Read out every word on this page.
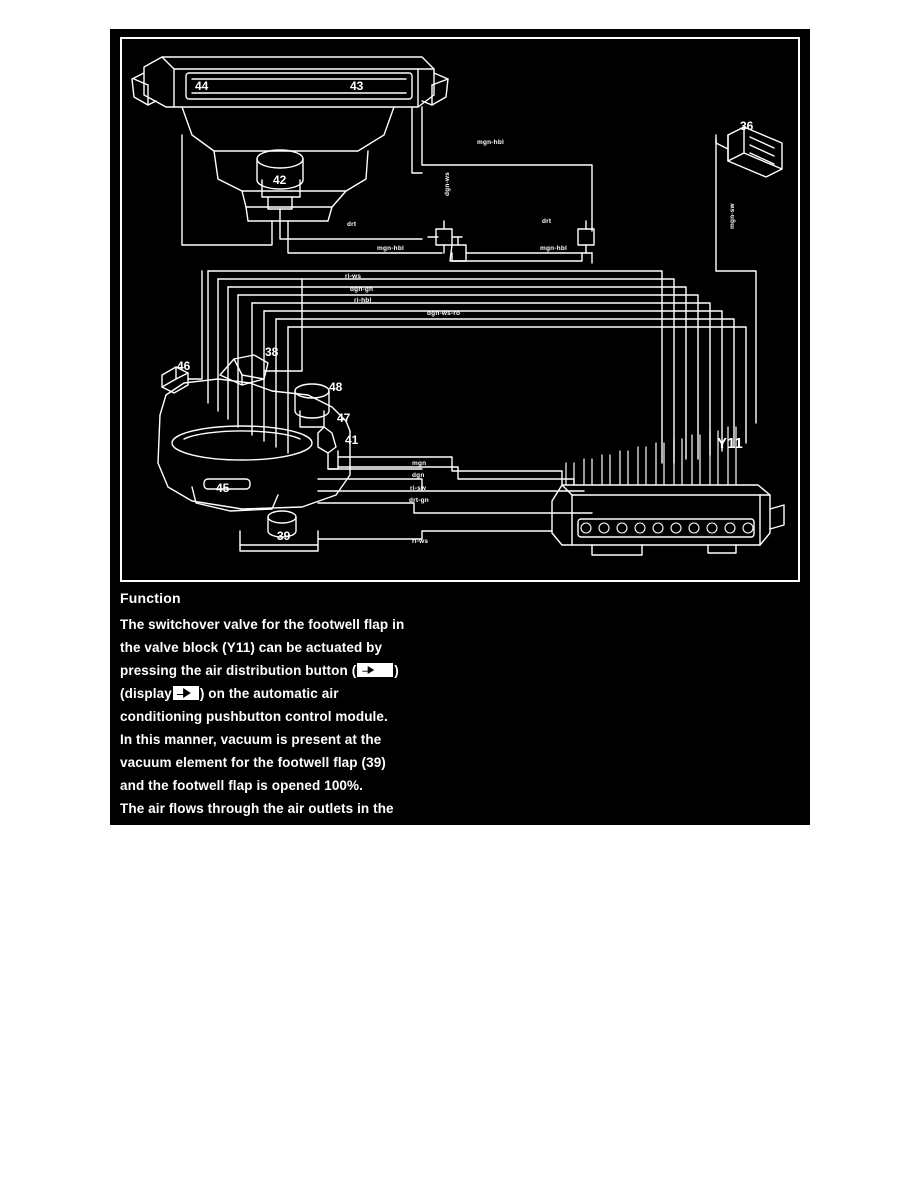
44	43
42
36
38
46
48
47
41
45
39
Y11
mgn-hbl
mgn-hbl	mgn-hbl
drt	drt
ri-ws
dgn-gn
ri-hbl
dgn-ws-ro
mgn
dgn
ri-sw
drt-gn
ri-ws
dgn-ws
mgn-sw
Function
The switchover valve for the footwell flap in
the valve block (Y11) can be actuated by
pressing the air distribution button (	)
(display ) on the automatic air
conditioning pushbutton control module.
In this manner, vacuum is present at the
vacuum element for the footwell flap (39)
and the footwell flap is opened 100%.
The air flows through the air outlets in the
front footwell.
